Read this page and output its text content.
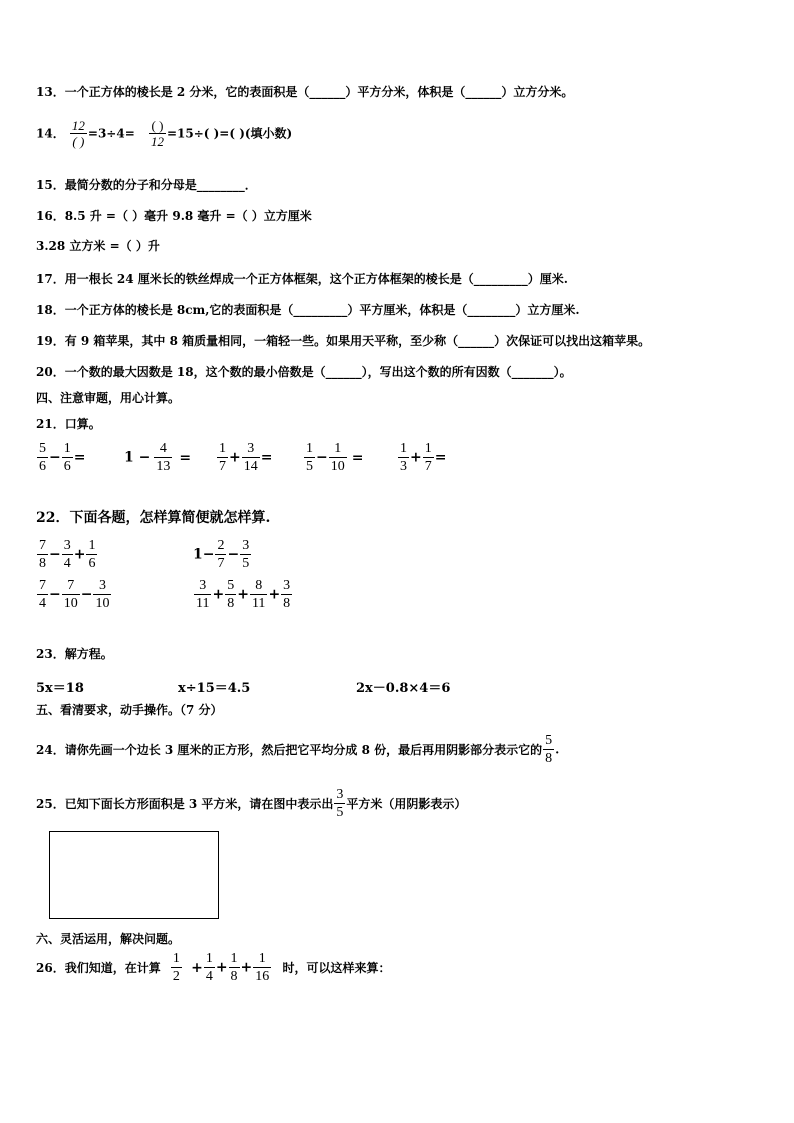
13．一个正方体的棱长是 2 分米，它的表面积是（______）平方分米，体积是（______）立方分米。
14． $\frac{12}{( )} =3\div 4= \frac{( )}{12} =15\div$( )=( )(填小数)
15．最简分数的分子和分母是________．
16．8.5 升 =（ ）毫升 9.8 毫升 =（ ）立方厘米
3.28 立方米 =（ ）升
17．用一根长 24 厘米长的铁丝焊成一个正方体框架，这个正方体框架的棱长是（_________）厘米.
18．一个正方体的棱长是 8cm,它的表面积是（_________）平方厘米，体积是（________）立方厘米.
19．有 9 箱苹果，其中 8 箱质量相同，一箱轻一些。如果用天平称，至少称（______）次保证可以找出这箱苹果。
20．一个数的最大因数是 18，这个数的最小倍数是（______），写出这个数的所有因数（_______）。
四、注意审题，用心计算。
21．口算。
$\frac{5}{6} - \frac{1}{6}$ =	$1 - \frac{4}{13} = \frac{1}{7} + \frac{3}{14} = \frac{1}{5} - \frac{1}{10} = \frac{1}{3} + \frac{1}{7}$ =
22．下面各题，怎样算简便就怎样算.
$\frac{7}{8} - \frac{3}{4} + \frac{1}{6}$	$1- \frac{2}{7} - \frac{3}{5}$
$\frac{7}{4} - \frac{7}{10} - \frac{3}{10}$	$\frac{3}{11} + \frac{5}{8} + \frac{8}{11} + \frac{3}{8}$
23．解方程。
5x＝18	x÷15＝4.5	2x－0.8×4＝6
五、看清要求，动手操作。（7 分）
24．请你先画一个边长 3 厘米的正方形，然后把它平均分成 8 份，最后再用阴影部分表示它的 $\frac{5}{8}$ .
25．已知下面长方形面积是 3 平方米，请在图中表示出 $\frac{3}{5}$ 平方米（用阴影表示）
六、灵活运用，解决问题。
26．我们知道，在计算 $\frac{1}{2} + \frac{1}{4} + \frac{1}{8} + \frac{1}{16}$ 时，可以这样来算：
